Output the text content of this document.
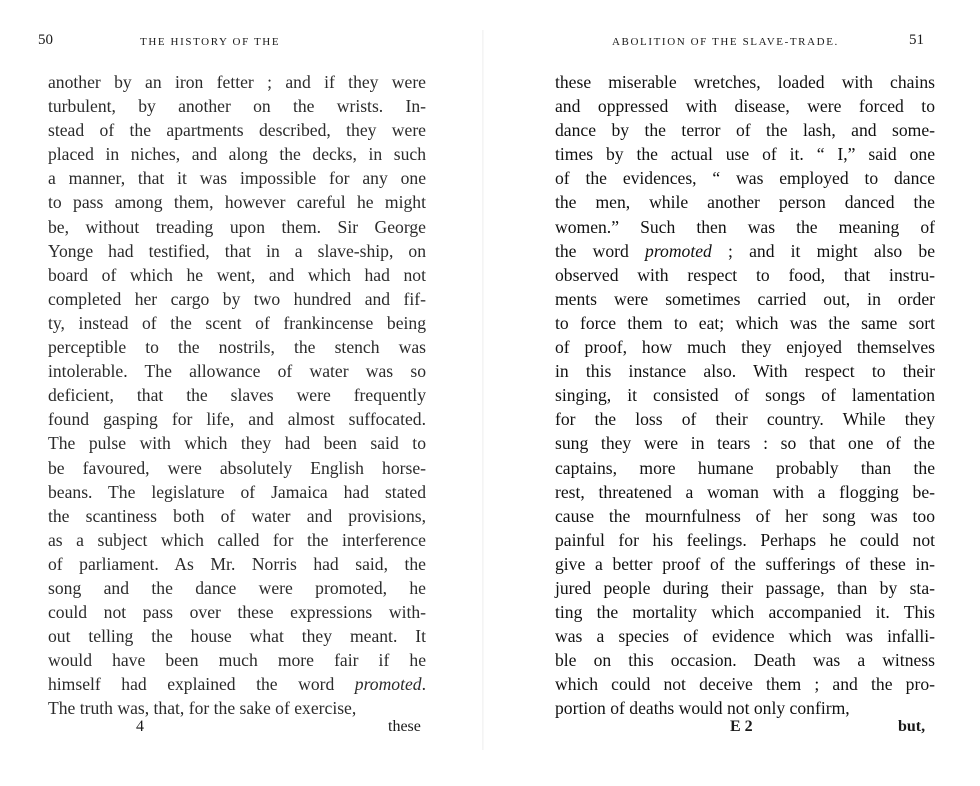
50	THE HISTORY OF THE
another by an iron fetter ; and if they were
turbulent, by another on the wrists. In-
stead of the apartments described, they were
placed in niches, and along the decks, in such
a manner, that it was impossible for any one
to pass among them, however careful he might
be, without treading upon them. Sir George
Yonge had testified, that in a slave-ship, on
board of which he went, and which had not
completed her cargo by two hundred and fif-
ty, instead of the scent of frankincense being
perceptible to the nostrils, the stench was
intolerable. The allowance of water was so
deficient, that the slaves were frequently
found gasping for life, and almost suffocated.
The pulse with which they had been said to
be favoured, were absolutely English horse-
beans. The legislature of Jamaica had stated
the scantiness both of water and provisions,
as a subject which called for the interference
of parliament. As Mr. Norris had said, the
song and the dance were promoted, he
could not pass over these expressions with-
out telling the house what they meant. It
would have been much more fair if he
himself had explained the word promoted.
The truth was, that, for the sake of exercise,
4	these
ABOLITION OF THE SLAVE-TRADE.	51
these miserable wretches, loaded with chains
and oppressed with disease, were forced to
dance by the terror of the lash, and some-
times by the actual use of it. “ I,” said one
of the evidences, “ was employed to dance
the men, while another person danced the
women.” Such then was the meaning of
the word promoted ; and it might also be
observed with respect to food, that instru-
ments were sometimes carried out, in order
to force them to eat; which was the same sort
of proof, how much they enjoyed themselves
in this instance also. With respect to their
singing, it consisted of songs of lamentation
for the loss of their country. While they
sung they were in tears : so that one of the
captains, more humane probably than the
rest, threatened a woman with a flogging be-
cause the mournfulness of her song was too
painful for his feelings. Perhaps he could not
give a better proof of the sufferings of these in-
jured people during their passage, than by sta-
ting the mortality which accompanied it. This
was a species of evidence which was infalli-
ble on this occasion. Death was a witness
which could not deceive them ; and the pro-
portion of deaths would not only confirm,
E 2	but,
